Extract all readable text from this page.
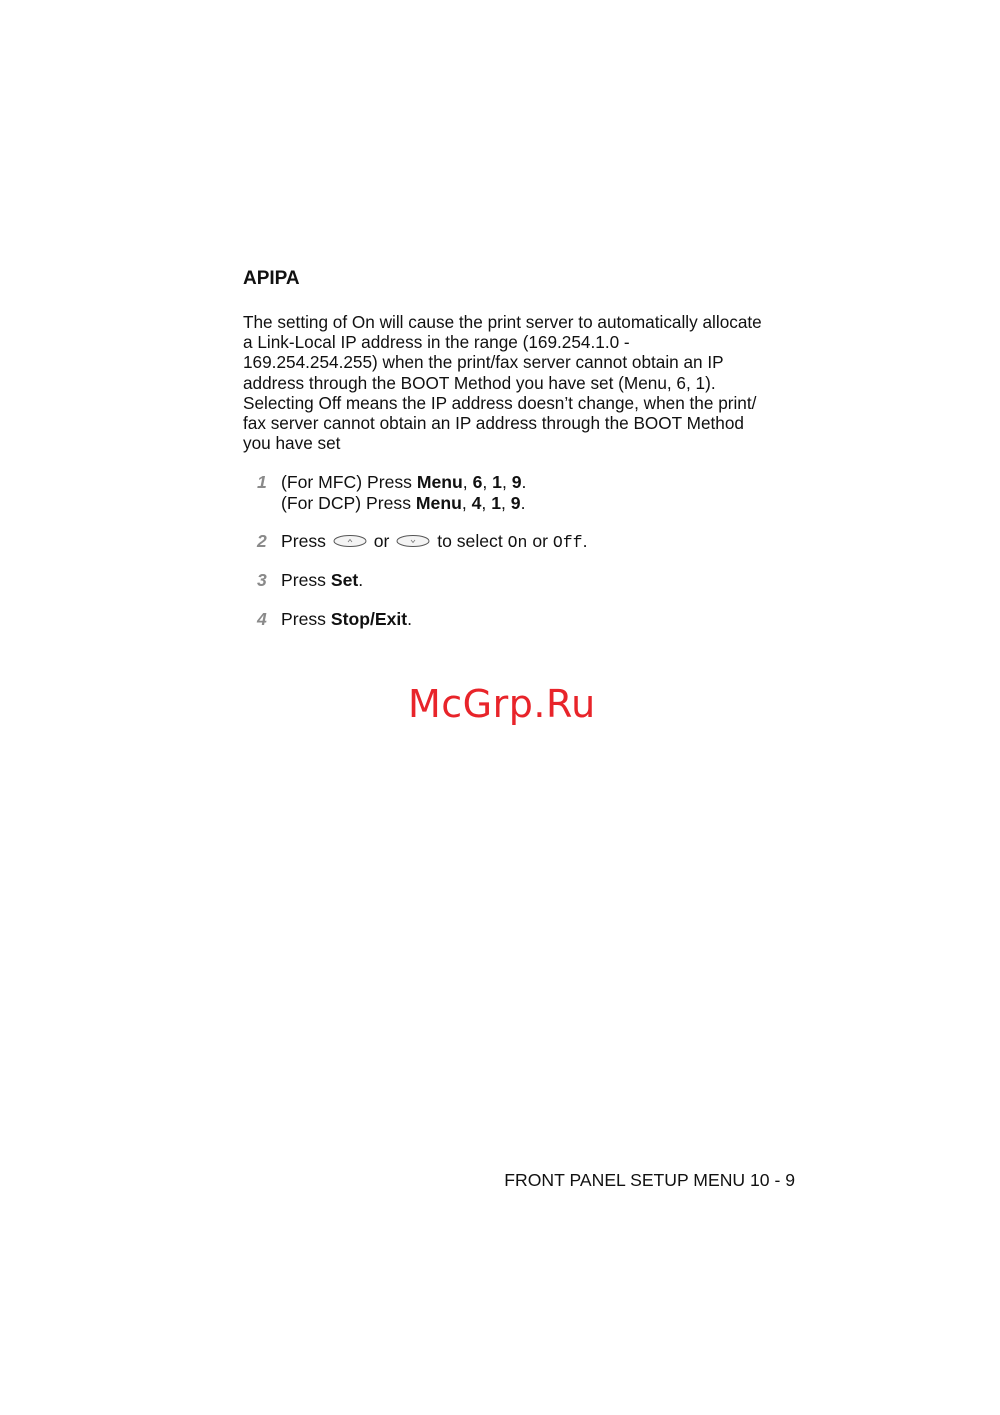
APIPA
The setting of On will cause the print server to automatically allocate
a Link-Local IP address in the range (169.254.1.0 -
169.254.254.255) when the print/fax server cannot obtain an IP
address through the BOOT Method you have set (Menu, 6, 1).
Selecting Off means the IP address doesn’t change, when the print/
fax server cannot obtain an IP address through the BOOT Method
you have set
1 (For MFC) Press Menu, 6, 1, 9.
(For DCP) Press Menu, 4, 1, 9.
2 Press	or	to select On or Off.
3 Press Set.
4 Press Stop/Exit.
McGrp.Ru
FRONT PANEL SETUP MENU 10 - 9
